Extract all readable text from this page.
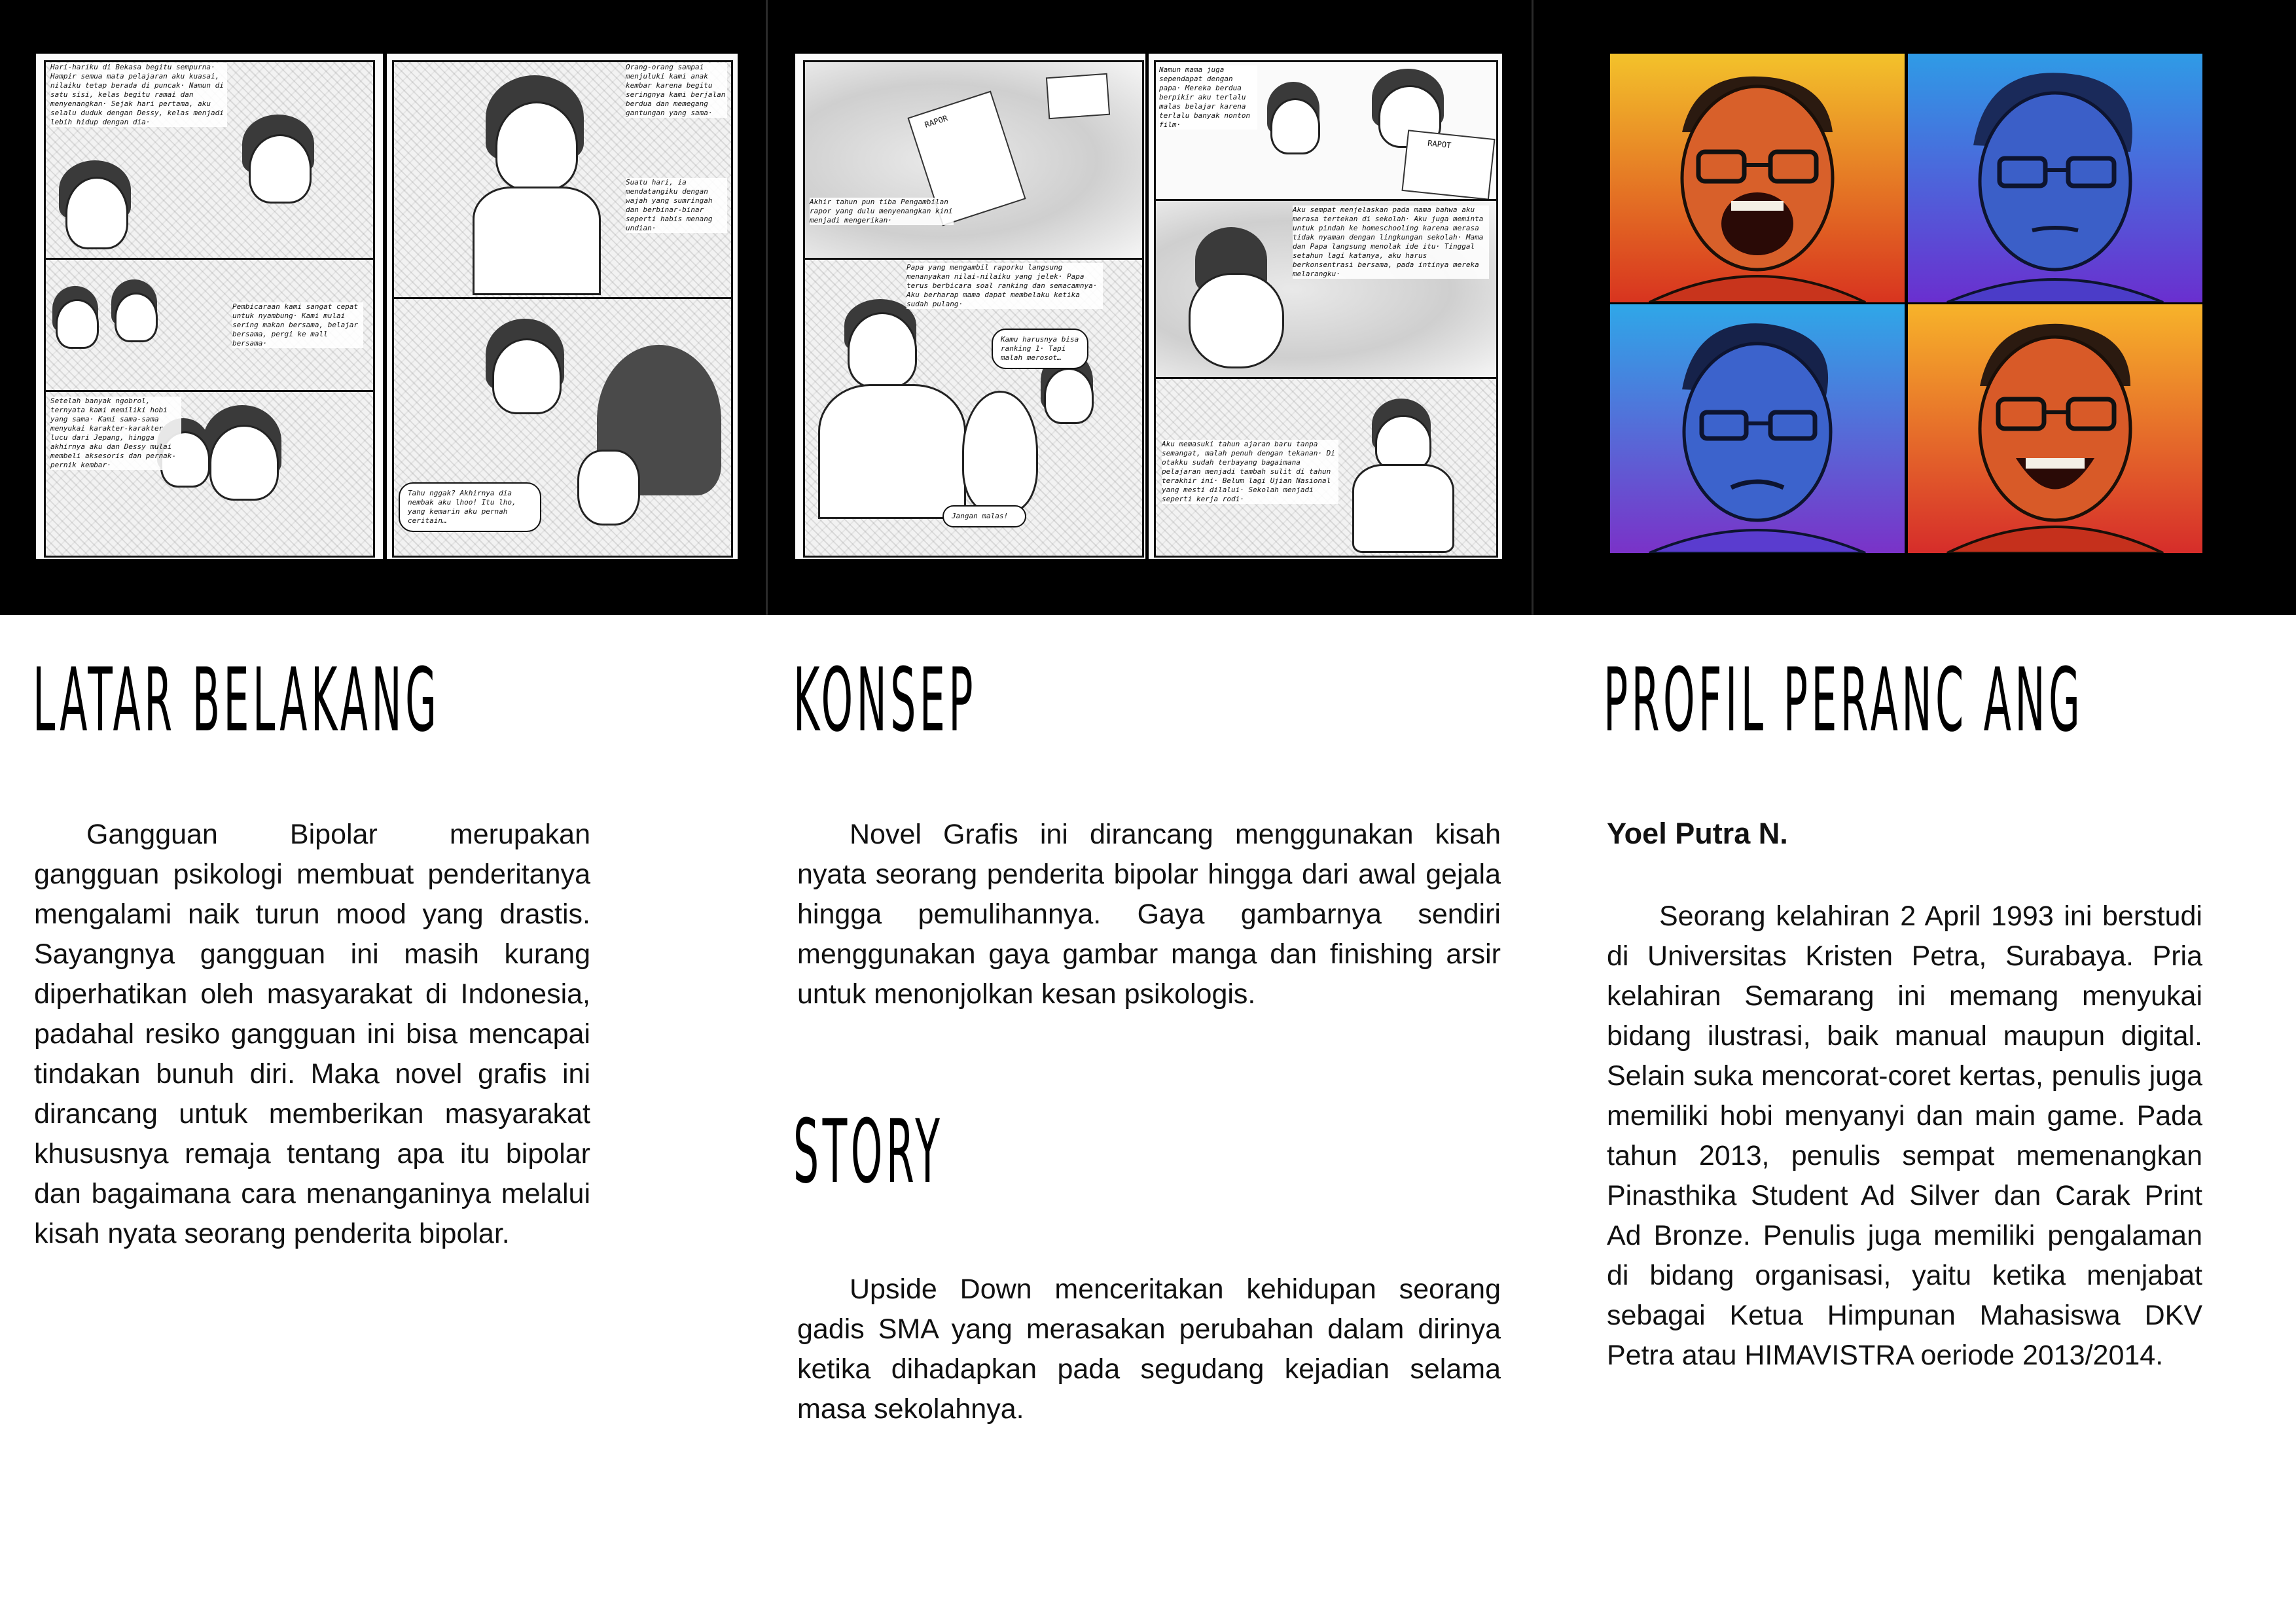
Hari-hariku di Bekasa begitu sempurna· Hampir semua mata pelajaran aku kuasai, nilaiku tetap berada di puncak· Namun di satu sisi, kelas begitu ramai dan menyenangkan· Sejak hari pertama, aku selalu duduk dengan Dessy, kelas menjadi lebih hidup dengan dia·
Pembicaraan kami sangat cepat untuk nyambung· Kami mulai sering makan bersama, belajar bersama, pergi ke mall bersama·
Setelah banyak ngobrol, ternyata kami memiliki hobi yang sama· Kami sama-sama menyukai karakter-karakter lucu dari Jepang, hingga akhirnya aku dan Dessy mulai membeli aksesoris dan pernak-pernik kembar·
Orang-orang sampai menjuluki kami anak kembar karena begitu seringnya kami berjalan berdua dan memegang gantungan yang sama·
Suatu hari, ia mendatangiku dengan wajah yang sumringah dan berbinar-binar seperti habis menang undian·
Tahu nggak? Akhirnya dia nembak aku lhoo! Itu lho, yang kemarin aku pernah ceritain…
RAPOR
Akhir tahun pun tiba Pengambilan rapor yang dulu menyenangkan kini menjadi mengerikan·
Papa yang mengambil raporku langsung menanyakan nilai-nilaiku yang jelek· Papa terus berbicara soal ranking dan semacamnya· Aku berharap mama dapat membelaku ketika sudah pulang·
Kamu harusnya bisa ranking 1· Tapi malah merosot…
Jangan malas!
RAPOT
Namun mama juga sependapat dengan papa· Mereka berdua berpikir aku terlalu malas belajar karena terlalu banyak nonton film·
Aku sempat menjelaskan pada mama bahwa aku merasa tertekan di sekolah· Aku juga meminta untuk pindah ke homeschooling karena merasa tidak nyaman dengan lingkungan sekolah· Mama dan Papa langsung menolak ide itu· Tinggal setahun lagi katanya, aku harus berkonsentrasi bersama, pada intinya mereka melarangku·
Aku memasuki tahun ajaran baru tanpa semangat, malah penuh dengan tekanan· Di otakku sudah terbayang bagaimana pelajaran menjadi tambah sulit di tahun terakhir ini· Belum lagi Ujian Nasional yang mesti dilalui· Sekolah menjadi seperti kerja rodi·
LATAR BELAKANG

Gangguan Bipolar merupakan gangguan psikologi membuat penderitanya mengalami naik turun mood yang drastis. Sayangnya gangguan ini masih kurang diperhatikan oleh masyarakat di Indonesia, padahal resiko gangguan ini bisa mencapai tindakan bunuh diri. Maka novel grafis ini dirancang untuk memberikan masyarakat khususnya remaja tentang apa itu bipolar dan bagaimana cara menanganinya melalui kisah nyata seorang penderita bipolar.

KONSEP

Novel Grafis ini dirancang menggunakan kisah nyata seorang penderita bipolar hingga dari awal gejala hingga pemulihannya. Gaya gambarnya sendiri menggunakan gaya gambar manga dan finishing arsir untuk menonjolkan kesan psikologis.

STORY

Upside Down menceritakan kehidupan seorang gadis SMA yang merasakan perubahan dalam dirinya ketika dihadapkan pada segudang kejadian selama masa sekolahnya.

PROFIL PERANC ANG

Yoel Putra N.

Seorang kelahiran 2 April 1993 ini berstudi di Universitas Kristen Petra, Surabaya. Pria kelahiran Semarang ini memang menyukai bidang ilustrasi, baik manual maupun digital. Selain suka mencorat-coret kertas, penulis juga memiliki hobi menyanyi dan main game. Pada tahun 2013, penulis sempat memenangkan Pinasthika Student Ad Silver dan Carak Print Ad Bronze. Penulis juga memiliki pengalaman di bidang organisasi, yaitu ketika menjabat sebagai Ketua Himpunan Mahasiswa DKV Petra atau HIMAVISTRA oeriode 2013/2014.
